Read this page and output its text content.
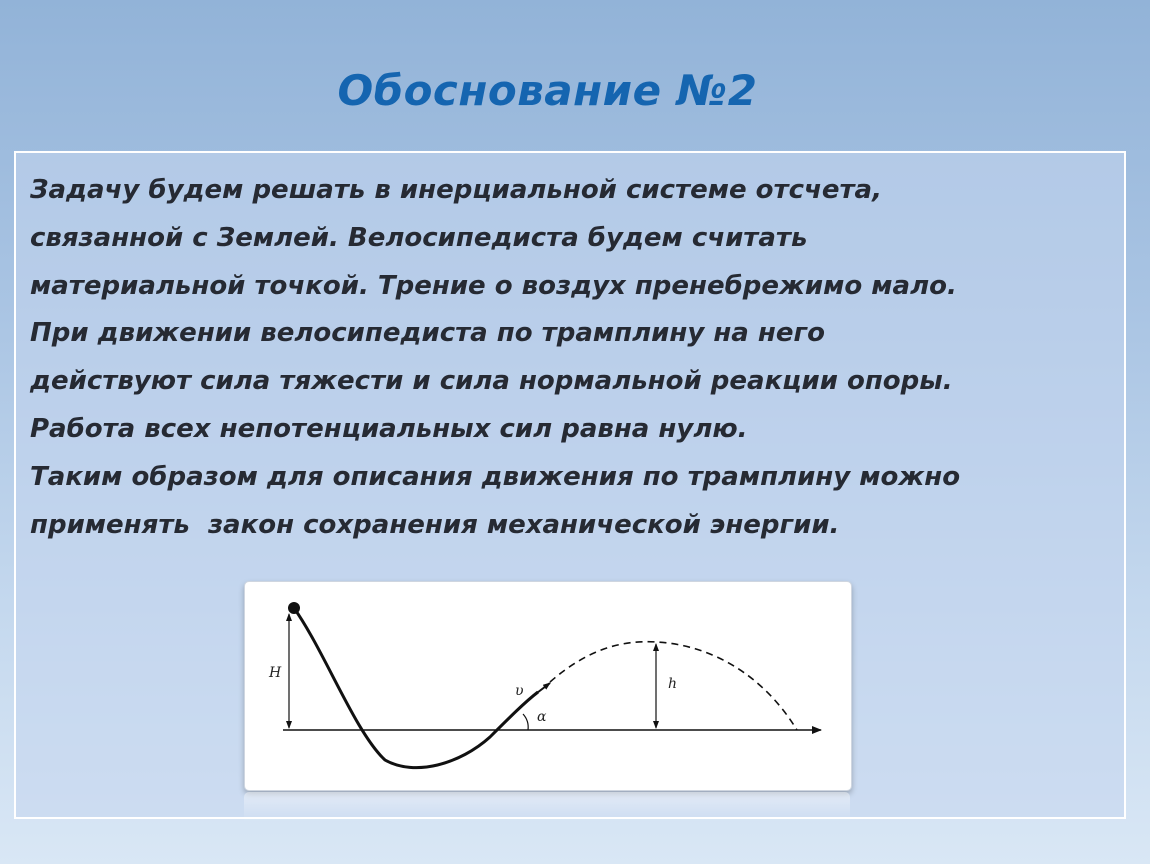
Обоснование №2

Задачу будем решать в инерциальной системе отсчета,
связанной с Землей. Велосипедиста будем считать
материальной точкой. Трение о воздух пренебрежимо мало.
При движении велосипедиста по трамплину на него
действуют сила тяжести и сила нормальной реакции опоры.
Работа всех непотенциальных сил равна нулю.
Таким образом для описания движения по трамплину можно
применять  закон сохранения механической энергии.

H
υ
α
h
